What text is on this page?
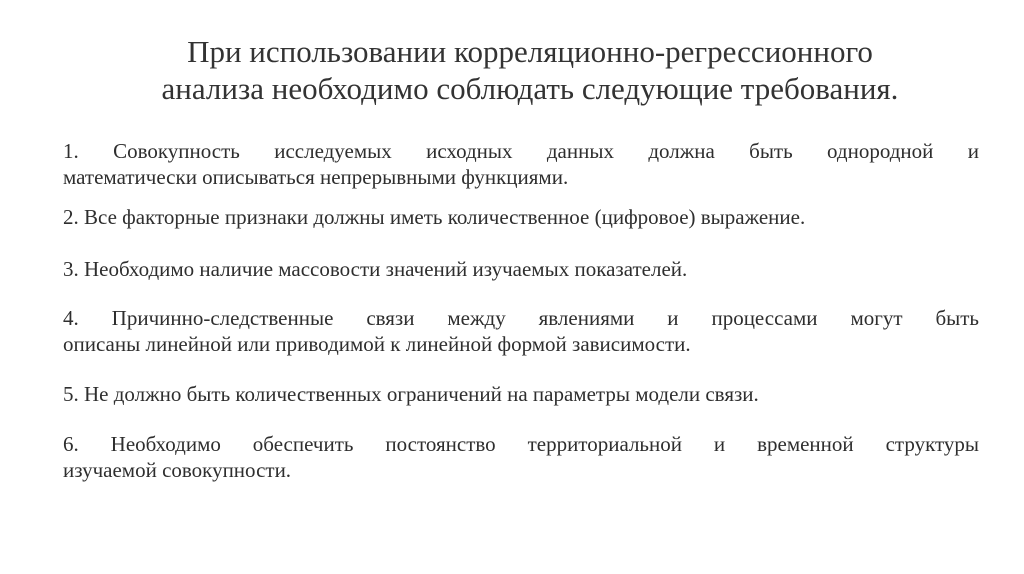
При использовании корреляционно-регрессионного
анализа необходимо соблюдать следующие требования.
1. Совокупность исследуемых исходных данных должна быть однородной и
математически описываться непрерывными функциями.
2. Все факторные признаки должны иметь количественное (цифровое) выражение.
3. Необходимо наличие массовости значений изучаемых показателей.
4. Причинно-следственные связи между явлениями и процессами могут быть
описаны линейной или приводимой к линейной формой зависимости.
5. Не должно быть количественных ограничений на параметры модели связи.
6. Необходимо обеспечить постоянство территориальной и временной структуры
изучаемой совокупности.
